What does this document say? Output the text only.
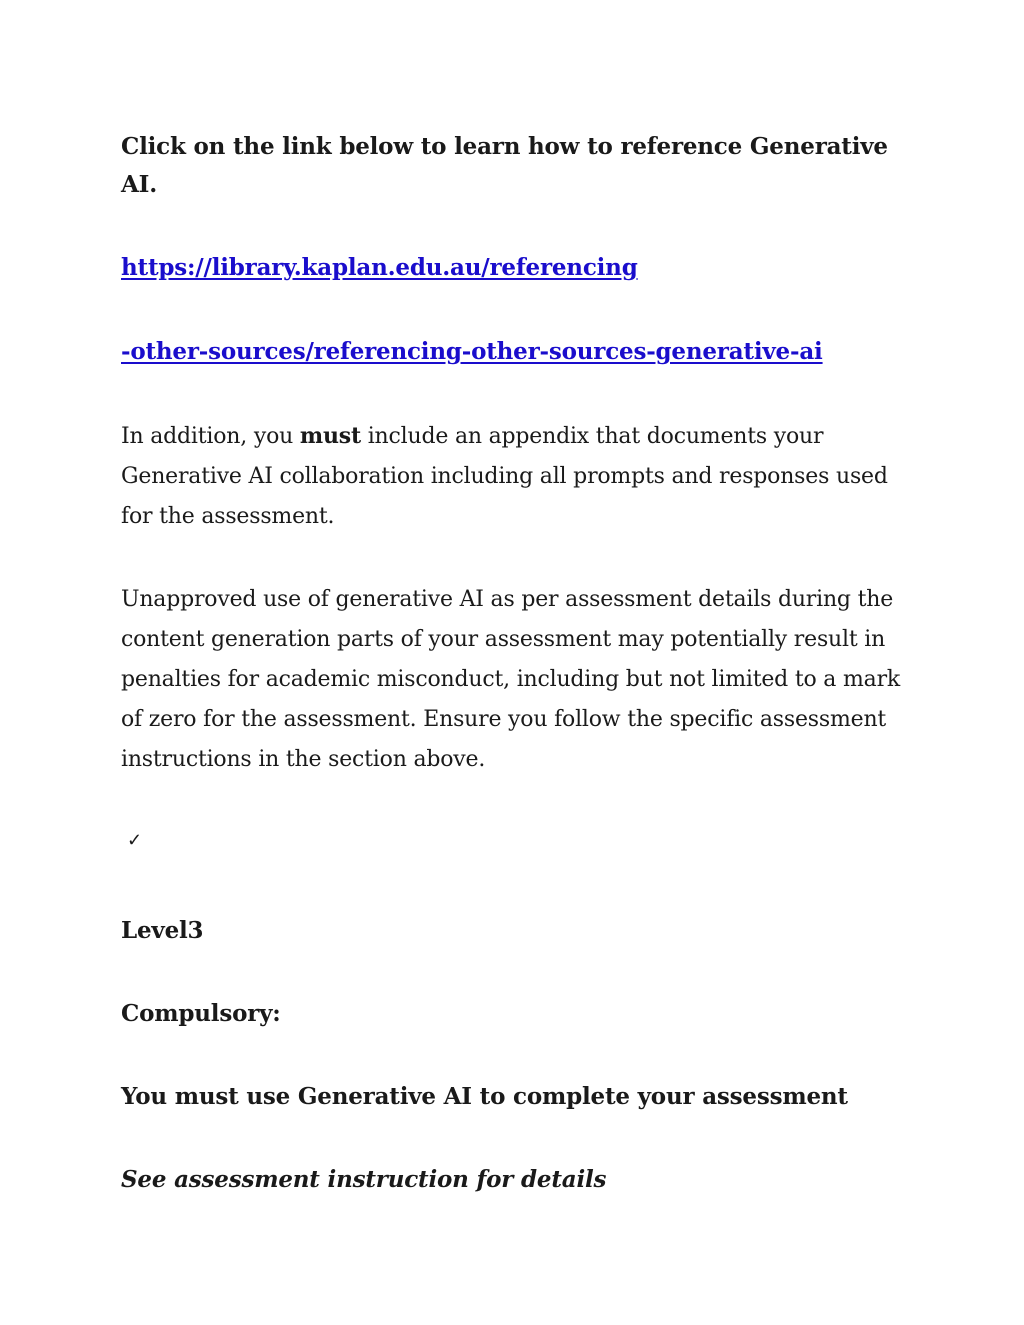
Click on the link below to learn how to reference Generative AI.

https://library.kaplan.edu.au/referencing
-other-sources/referencing-other-sources-generative-ai

In addition, you must include an appendix that documents your Generative AI collaboration including all prompts and responses used for the assessment.

Unapproved use of generative AI as per assessment details during the content generation parts of your assessment may potentially result in penalties for academic misconduct, including but not limited to a mark of zero for the assessment. Ensure you follow the specific assessment instructions in the section above.

✓

Level3

Compulsory:

You must use Generative AI to complete your assessment

See assessment instruction for details
